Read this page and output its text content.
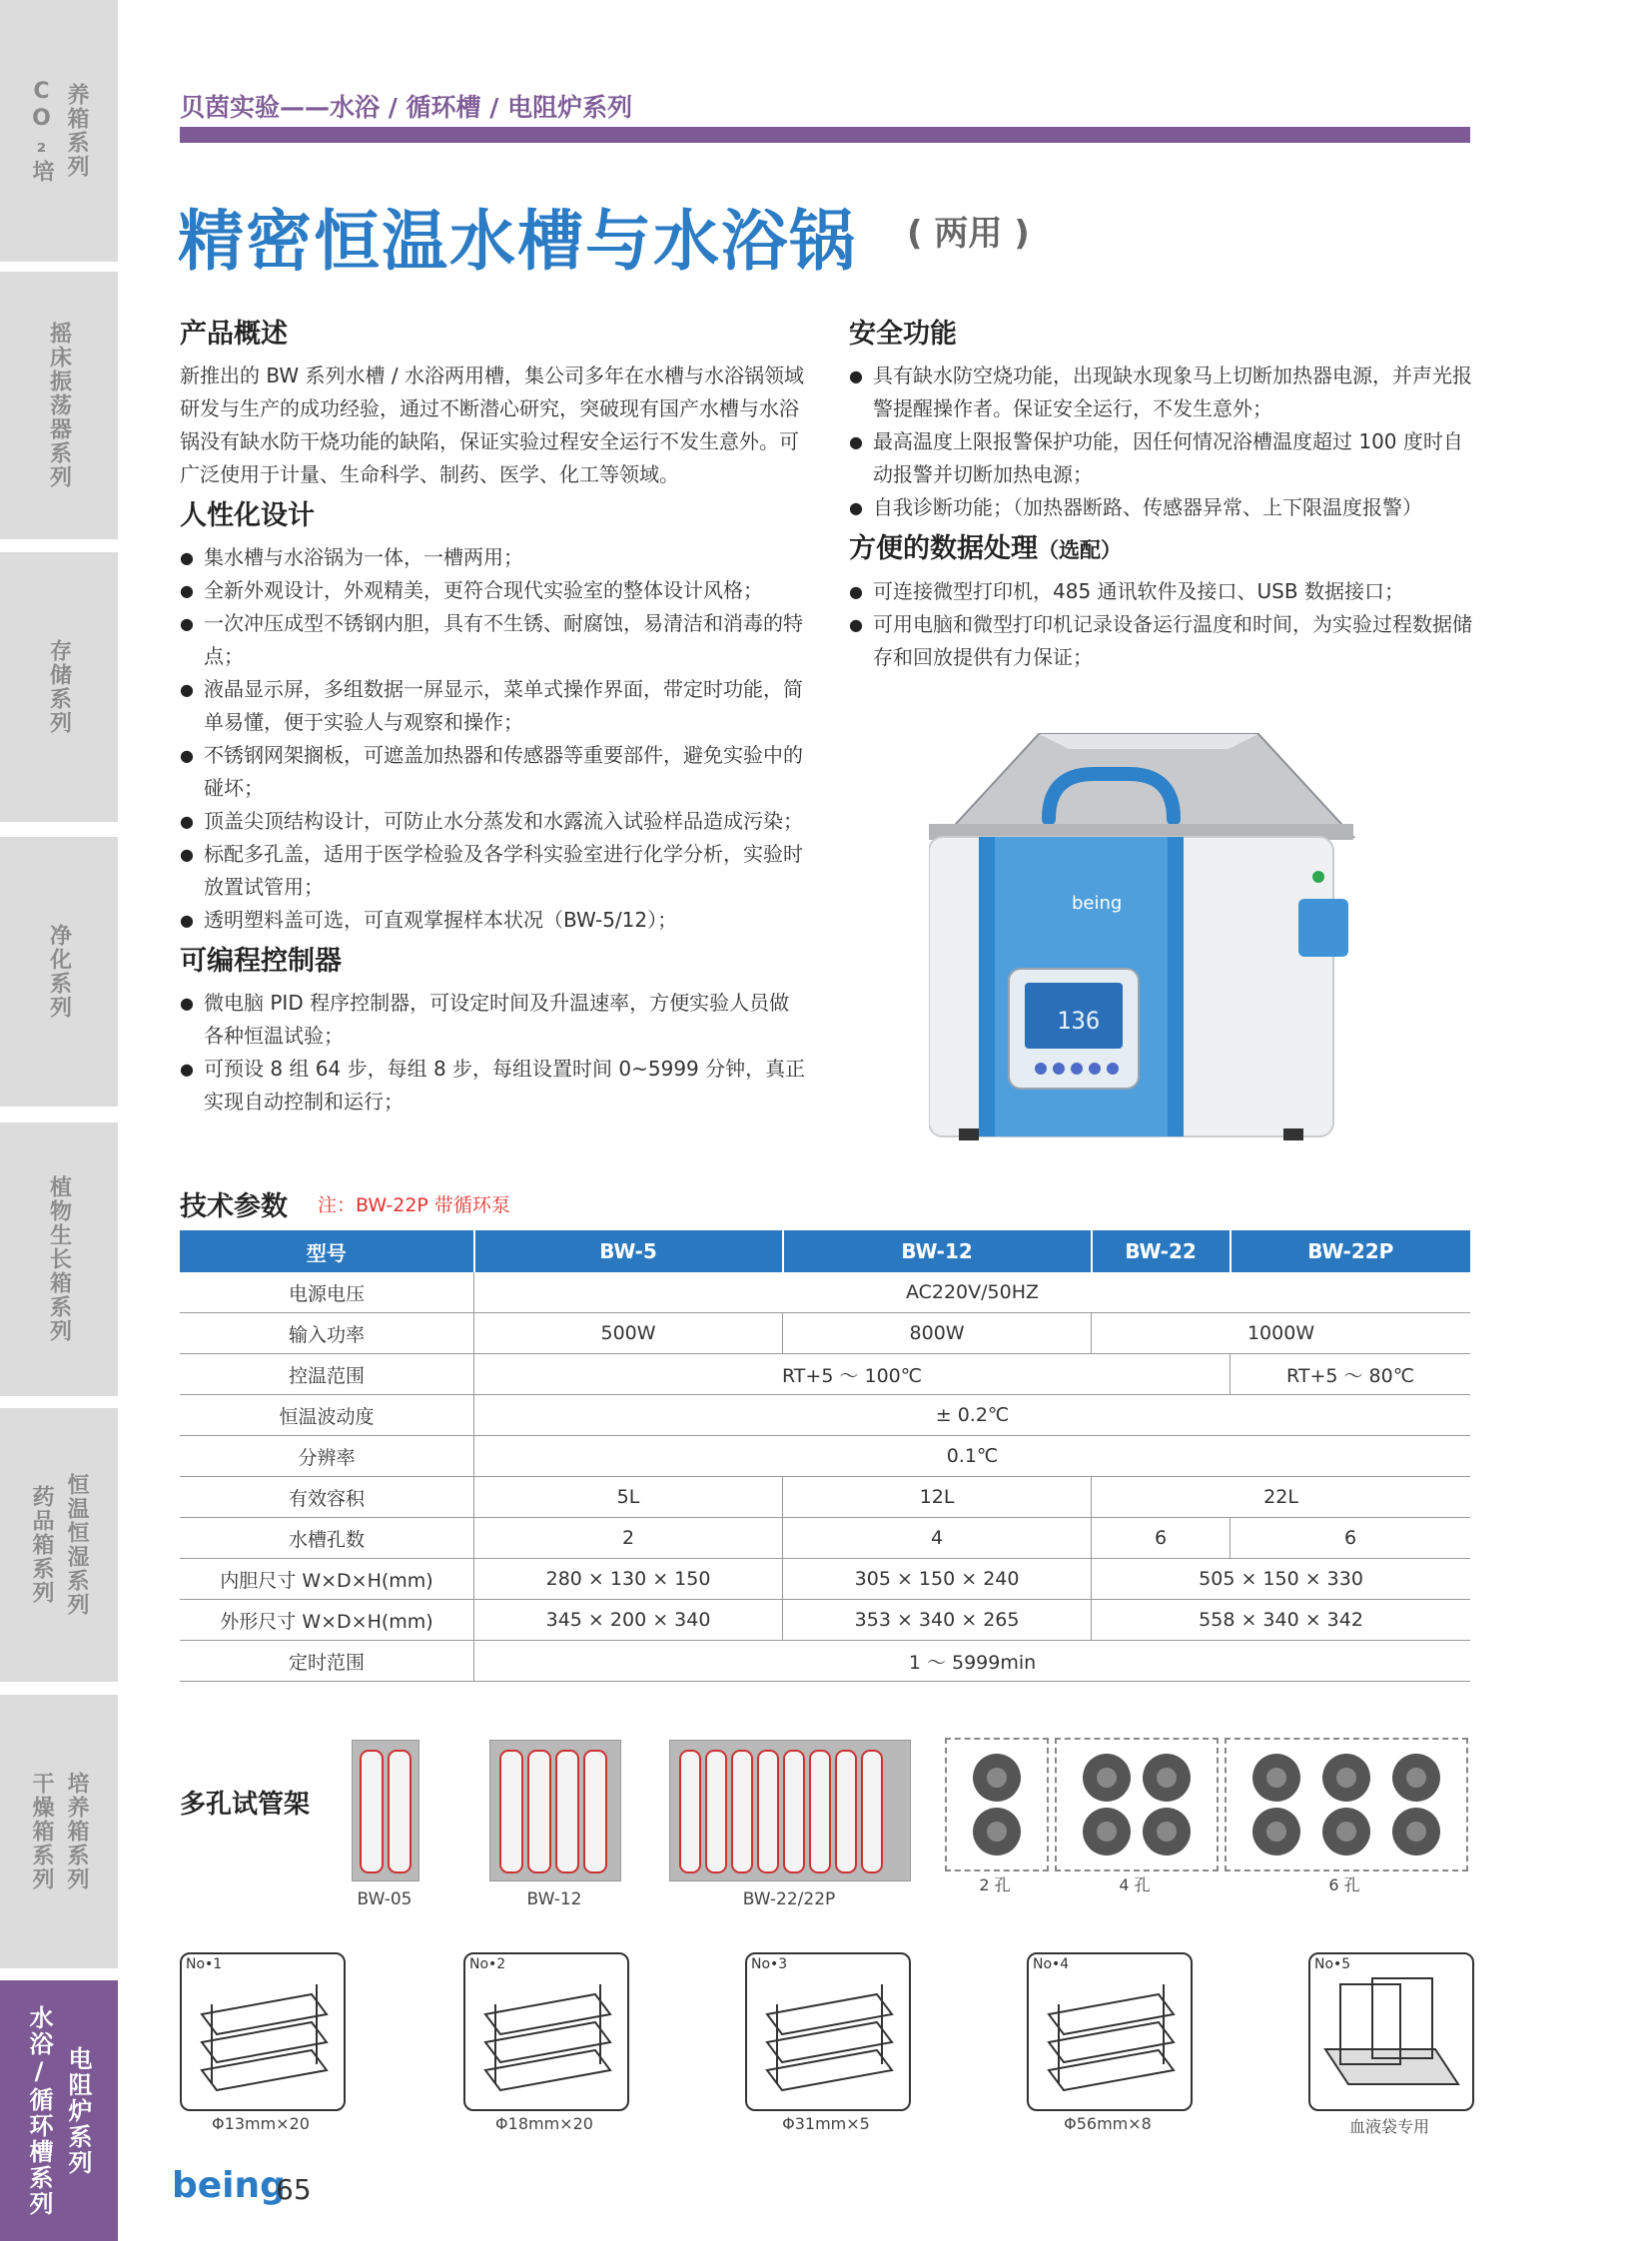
CO₂培 养箱系列
摇床振荡器系列
存储系列
净化系列
植物生长箱系列
药品箱系列 恒温恒湿系列
干燥箱系列 培养箱系列
水浴/循环槽系列 电阻炉系列
贝茵实验——水浴 / 循环槽 / 电阻炉系列
精密恒温水槽与水浴锅 ( 两用 )
产品概述

新推出的 BW 系列水槽 / 水浴两用槽，集公司多年在水槽与水浴锅领域研发与生产的成功经验，通过不断潜心研究，突破现有国产水槽与水浴锅没有缺水防干烧功能的缺陷，保证实验过程安全运行不发生意外。可广泛使用于计量、生命科学、制药、医学、化工等领域。

人性化设计
● 集水槽与水浴锅为一体，一槽两用；
● 全新外观设计，外观精美，更符合现代实验室的整体设计风格；
● 一次冲压成型不锈钢内胆，具有不生锈、耐腐蚀，易清洁和消毒的特点；
● 液晶显示屏，多组数据一屏显示，菜单式操作界面，带定时功能，简单易懂，便于实验人与观察和操作；
● 不锈钢网架搁板，可遮盖加热器和传感器等重要部件，避免实验中的碰坏；
● 顶盖尖顶结构设计，可防止水分蒸发和水露流入试验样品造成污染；
● 标配多孔盖，适用于医学检验及各学科实验室进行化学分析，实验时放置试管用；
● 透明塑料盖可选，可直观掌握样本状况（BW-5/12）；
可编程控制器
● 微电脑 PID 程序控制器，可设定时间及升温速率，方便实验人员做各种恒温试验；
● 可预设 8 组 64 步，每组 8 步，每组设置时间 0~5999 分钟，真正实现自动控制和运行；
安全功能
● 具有缺水防空烧功能，出现缺水现象马上切断加热器电源，并声光报警提醒操作者。保证安全运行，不发生意外；
● 最高温度上限报警保护功能，因任何情况浴槽温度超过 100 度时自动报警并切断加热电源；
● 自我诊断功能；（加热器断路、传感器异常、上下限温度报警）
方便的数据处理（选配）
● 可连接微型打印机，485 通讯软件及接口、USB 数据接口；
● 可用电脑和微型打印机记录设备运行温度和时间，为实验过程数据储存和回放提供有力保证；
being
136
技术参数 注：BW-22P 带循环泵
型号	BW-5	BW-12	BW-22	BW-22P
电源电压	AC220V/50HZ			
输入功率	500W	800W	1000W	
控温范围	RT+5 ～ 100℃			RT+5 ～ 80℃
恒温波动度	± 0.2℃			
分辨率	0.1℃			
有效容积	5L	12L	22L	
水槽孔数	2	4	6	6
内胆尺寸 W×D×H(mm)	280 × 130 × 150	305 × 150 × 240	505 × 150 × 330	
外形尺寸 W×D×H(mm)	345 × 200 × 340	353 × 340 × 265	558 × 340 × 342	
定时范围	1 ～ 5999min			
多孔试管架
BW-05	BW-12	BW-22/22P
2 孔	4 孔	6 孔
No•1
Φ13mm×20
No•2
Φ18mm×20
No•3
Φ31mm×5
No•4
Φ56mm×8
No•5
血液袋专用
being
65
